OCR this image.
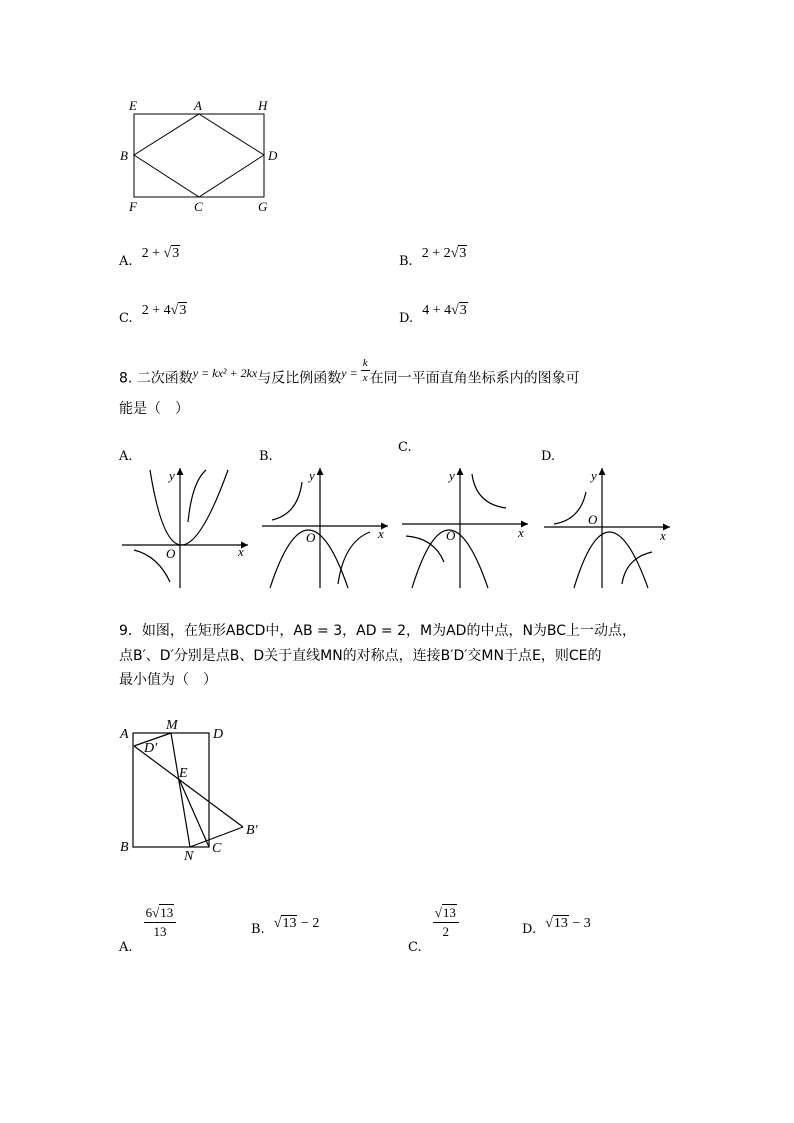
E	A	H
B	D
F	C	G
A. 2 + √3
B. 2 + 2√3
C. 2 + 4√3
D. 4 + 4√3
8. 二次函数y = kx² + 2kx与反比例函数$y = \frac{k}{x}$ 在同一平面直角坐标系内的图象可
能是（　）
A.	B.
C.
D.
x
y
O
x
y
O	x
y
O	x
y
O
9．如图，在矩形ABCD中，AB = 3，AD = 2，M为AD的中点，N为BC上一动点，
点B′、D′分别是点B、D关于直线MN的对称点，连接B′D′交MN于点E，则CE的
最小值为（　）
A
M
D
D′
E
B′
B
N
C
$_{A.}$
$\frac{6√13}{13}$	$_{B.}$ √13 − 2
$_{C.}$
$\frac{√13}{2}$	$_{D.}$ √13 − 3
